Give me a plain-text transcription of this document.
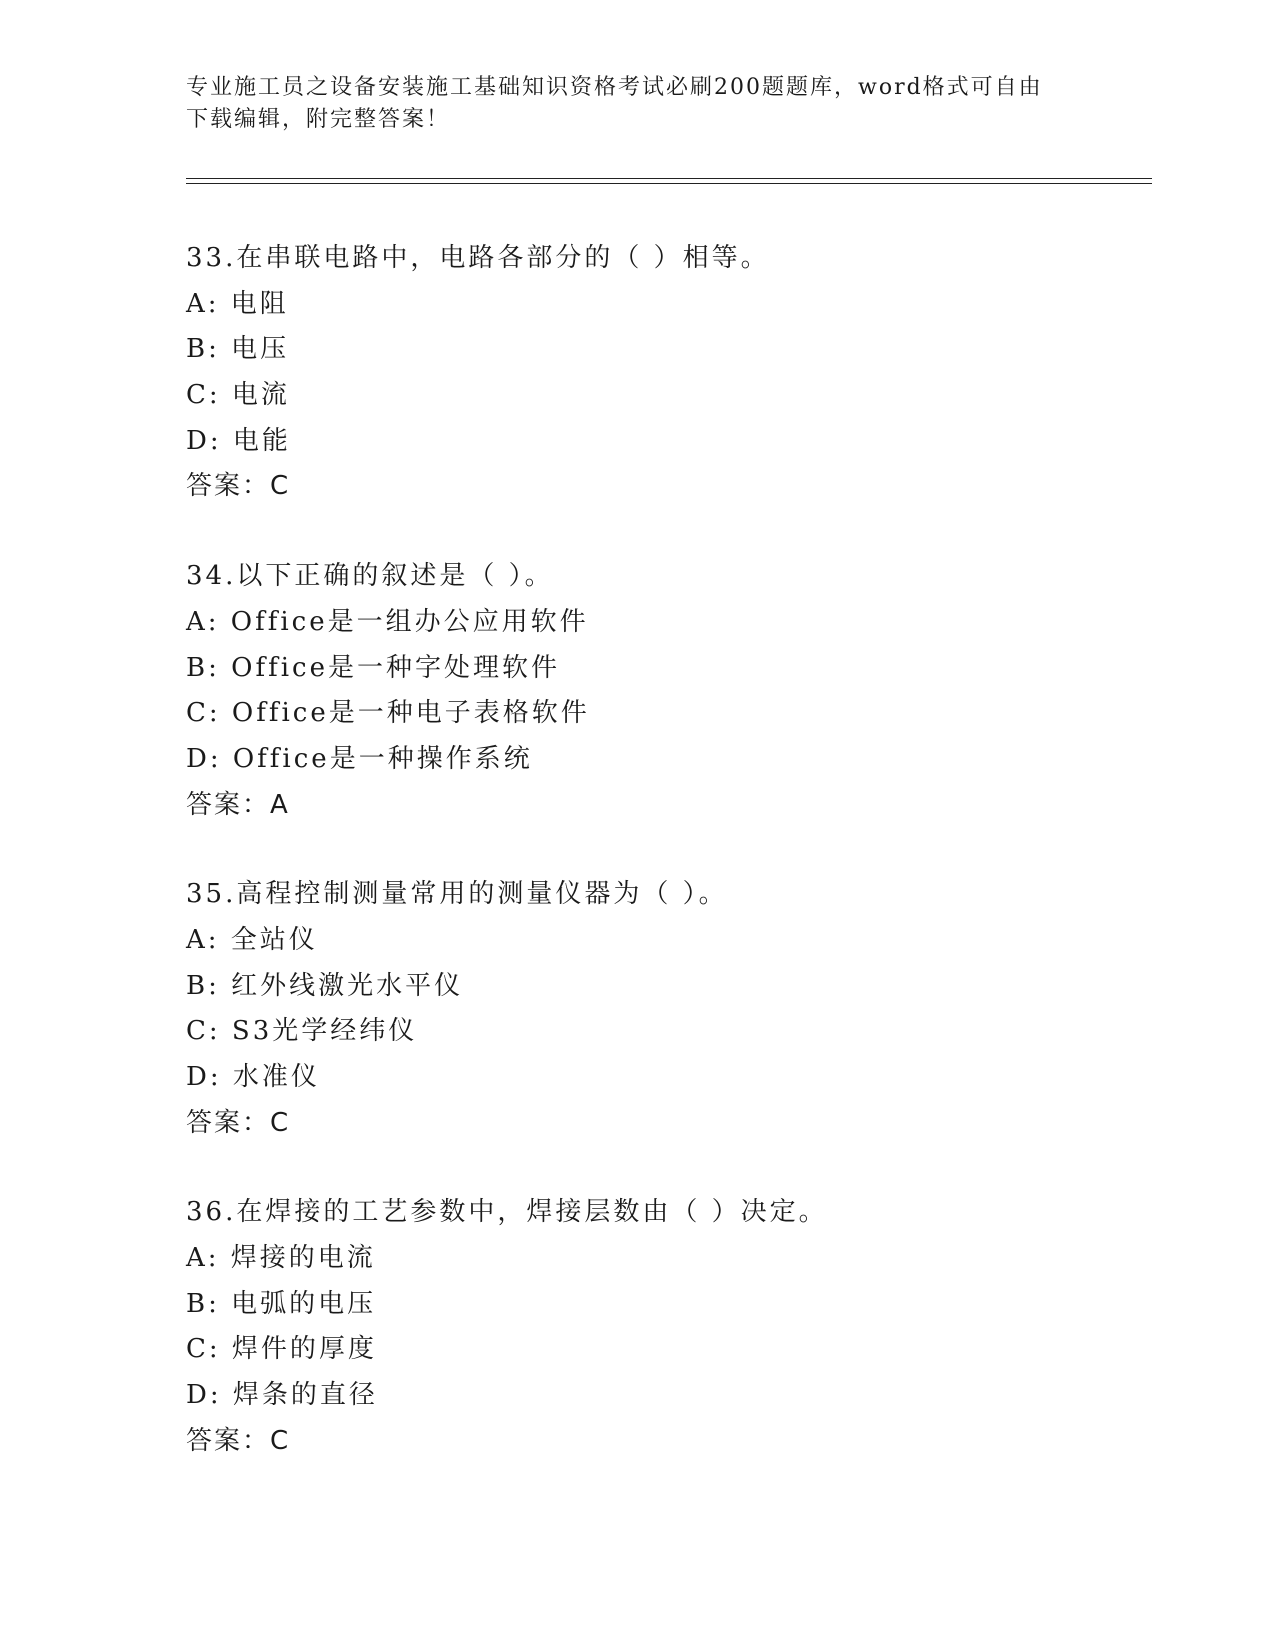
专业施工员之设备安装施工基础知识资格考试必刷200题题库，word格式可自由
下载编辑，附完整答案！
33.在串联电路中，电路各部分的（ ）相等。
A: 电阻
B: 电压
C: 电流
D: 电能
答案：C
34.以下正确的叙述是（ ）。
A: Office是一组办公应用软件
B: Office是一种字处理软件
C: Office是一种电子表格软件
D: Office是一种操作系统
答案：A
35.高程控制测量常用的测量仪器为（ ）。
A: 全站仪
B: 红外线激光水平仪
C: S3光学经纬仪
D: 水准仪
答案：C
36.在焊接的工艺参数中，焊接层数由（ ）决定。
A: 焊接的电流
B: 电弧的电压
C: 焊件的厚度
D: 焊条的直径
答案：C
